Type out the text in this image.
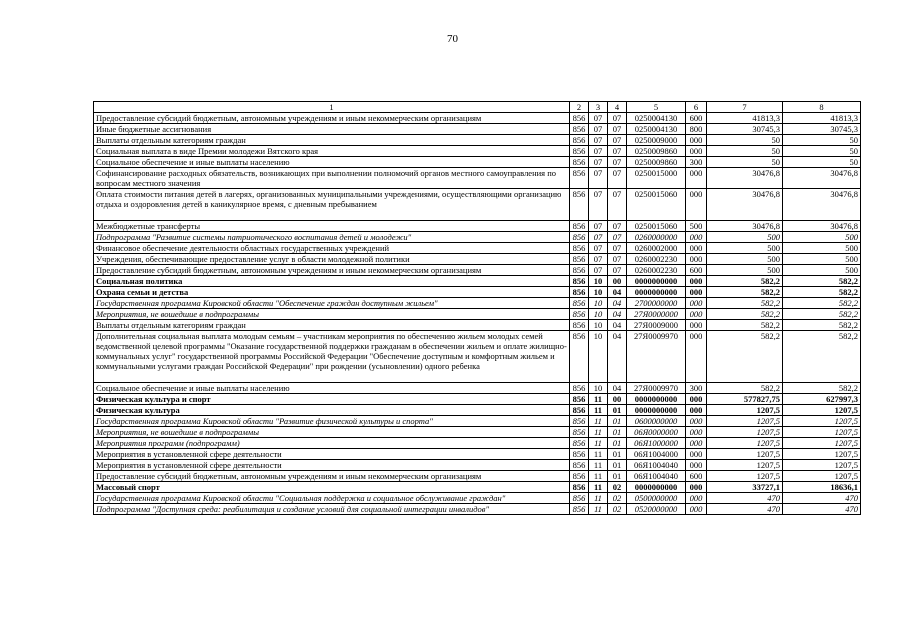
70
1	2	3	4	5	6	7	8
Предоставление субсидий бюджетным, автономным учреждениям и иным некоммерческим организациям	856	07	07	0250004130	600	41813,3	41813,3
Иные бюджетные ассигнования	856	07	07	0250004130	800	30745,3	30745,3
Выплаты отдельным категориям граждан	856	07	07	0250009000	000	50	50
Социальная выплата в виде Премии молодежи Вятского края	856	07	07	0250009860	000	50	50
Социальное обеспечение и иные выплаты населению	856	07	07	0250009860	300	50	50
Софинансирование расходных обязательств, возникающих при выполнении полномочий органов местного самоуправления по вопросам местного значения	856	07	07	0250015000	000	30476,8	30476,8
Оплата стоимости питания детей в лагерях, организованных муниципальными учреждениями, осуществляющими организацию отдыха и оздоровления детей в каникулярное время, с дневным пребыванием	856	07	07	0250015060	000	30476,8	30476,8
Межбюджетные трансферты	856	07	07	0250015060	500	30476,8	30476,8
Подпрограмма "Развитие системы патриотического воспитания детей и молодежи"	856	07	07	0260000000	000	500	500
Финансовое обеспечение деятельности областных государственных учреждений	856	07	07	0260002000	000	500	500
Учреждения, обеспечивающие предоставление услуг в области молодежной политики	856	07	07	0260002230	000	500	500
Предоставление субсидий бюджетным, автономным учреждениям и иным некоммерческим организациям	856	07	07	0260002230	600	500	500
Социальная политика	856	10	00	0000000000	000	582,2	582,2
Охрана семьи и детства	856	10	04	0000000000	000	582,2	582,2
Государственная программа Кировской области "Обеспечение граждан доступным жильем"	856	10	04	2700000000	000	582,2	582,2
Мероприятия, не вошедшие в подпрограммы	856	10	04	27Я0000000	000	582,2	582,2
Выплаты отдельным категориям граждан	856	10	04	27Я0009000	000	582,2	582,2
Дополнительная социальная выплата молодым семьям – участникам мероприятия по обеспечению жильем молодых семей ведомственной целевой программы "Оказание государственной поддержки гражданам в обеспечении жильем и оплате жилищно-коммунальных услуг" государственной программы Российской Федерации "Обеспечение доступным и комфортным жильем и коммунальными услугами граждан Российской Федерации" при рождении (усыновлении) одного ребенка	856	10	04	27Я0009970	000	582,2	582,2
Социальное обеспечение и иные выплаты населению	856	10	04	27Я0009970	300	582,2	582,2
Физическая культура и спорт	856	11	00	0000000000	000	577827,75	627997,3
Физическая культура	856	11	01	0000000000	000	1207,5	1207,5
Государственная программа Кировской области "Развитие физической культуры и спорта"	856	11	01	0600000000	000	1207,5	1207,5
Мероприятия, не вошедшие в подпрограммы	856	11	01	06Я0000000	000	1207,5	1207,5
Мероприятия программ (подпрограмм)	856	11	01	06Я1000000	000	1207,5	1207,5
Мероприятия в установленной сфере деятельности	856	11	01	06Я1004000	000	1207,5	1207,5
Мероприятия в установленной сфере деятельности	856	11	01	06Я1004040	000	1207,5	1207,5
Предоставление субсидий бюджетным, автономным учреждениям и иным некоммерческим организациям	856	11	01	06Я1004040	600	1207,5	1207,5
Массовый спорт	856	11	02	0000000000	000	33727,1	18636,1
Государственная программа Кировской области "Социальная поддержка и социальное обслуживание граждан"	856	11	02	0500000000	000	470	470
Подпрограмма "Доступная среда: реабилитация и создание условий для социальной интеграции инвалидов"	856	11	02	0520000000	000	470	470
